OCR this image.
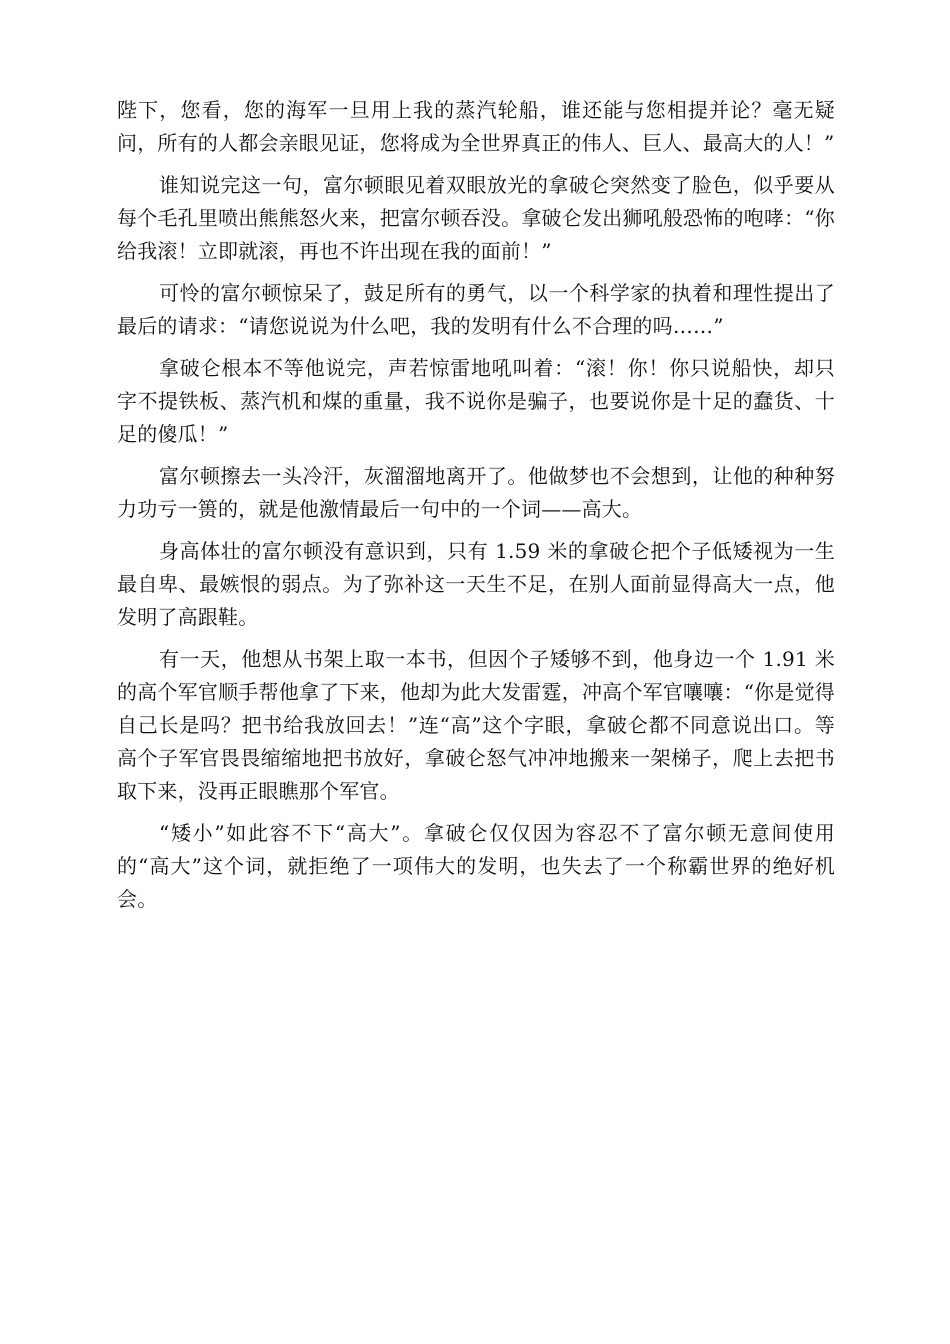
陛下，您看，您的海军一旦用上我的蒸汽轮船，谁还能与您相提并论？毫无疑问，所有的人都会亲眼见证，您将成为全世界真正的伟人、巨人、最高大的人！”

谁知说完这一句，富尔顿眼见着双眼放光的拿破仑突然变了脸色，似乎要从每个毛孔里喷出熊熊怒火来，把富尔顿吞没。拿破仑发出狮吼般恐怖的咆哮：“你给我滚！立即就滚，再也不许出现在我的面前！”

可怜的富尔顿惊呆了，鼓足所有的勇气，以一个科学家的执着和理性提出了最后的请求：“请您说说为什么吧，我的发明有什么不合理的吗……”

拿破仑根本不等他说完，声若惊雷地吼叫着：“滚！你！你只说船快，却只字不提铁板、蒸汽机和煤的重量，我不说你是骗子，也要说你是十足的蠢货、十足的傻瓜！”

富尔顿擦去一头冷汗，灰溜溜地离开了。他做梦也不会想到，让他的种种努力功亏一篑的，就是他激情最后一句中的一个词——高大。

身高体壮的富尔顿没有意识到，只有 1.59 米的拿破仑把个子低矮视为一生最自卑、最嫉恨的弱点。为了弥补这一天生不足，在别人面前显得高大一点，他发明了高跟鞋。

有一天，他想从书架上取一本书，但因个子矮够不到，他身边一个 1.91 米的高个军官顺手帮他拿了下来，他却为此大发雷霆，冲高个军官嚷嚷：“你是觉得自己长是吗？把书给我放回去！”连“高”这个字眼，拿破仑都不同意说出口。等高个子军官畏畏缩缩地把书放好，拿破仑怒气冲冲地搬来一架梯子，爬上去把书取下来，没再正眼瞧那个军官。

“矮小”如此容不下“高大”。拿破仑仅仅因为容忍不了富尔顿无意间使用的“高大”这个词，就拒绝了一项伟大的发明，也失去了一个称霸世界的绝好机会。
